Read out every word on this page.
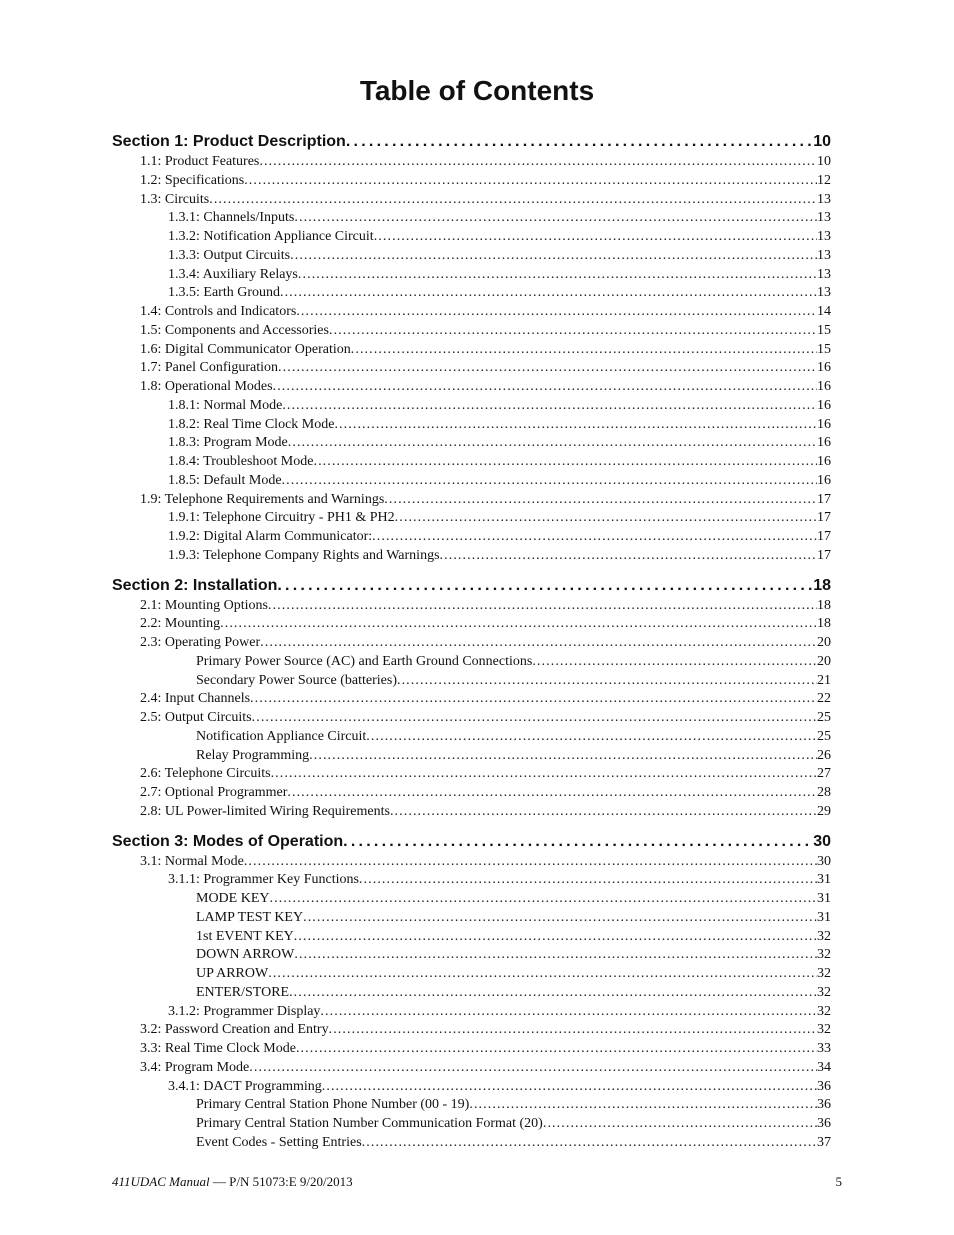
Table of Contents
Section 1: Product Description . . .	10
1.1: Product Features . . .	10
1.2: Specifications . . .	12
1.3: Circuits . . .	13
1.3.1: Channels/Inputs . . .	13
1.3.2: Notification Appliance Circuit . . .	13
1.3.3: Output Circuits . . .	13
1.3.4: Auxiliary Relays . . .	13
1.3.5: Earth Ground . . .	13
1.4: Controls and Indicators . . .	14
1.5: Components and Accessories . . .	15
1.6: Digital Communicator Operation . . .	15
1.7: Panel Configuration . . .	16
1.8: Operational Modes . . .	16
1.8.1: Normal Mode . . .	16
1.8.2: Real Time Clock Mode . . .	16
1.8.3: Program Mode . . .	16
1.8.4: Troubleshoot Mode . . .	16
1.8.5: Default Mode . . .	16
1.9: Telephone Requirements and Warnings . . .	17
1.9.1: Telephone Circuitry - PH1 & PH2 . . .	17
1.9.2: Digital Alarm Communicator: . . .	17
1.9.3: Telephone Company Rights and Warnings . . .	17
Section 2: Installation . . .	18
2.1: Mounting Options . . .	18
2.2: Mounting . . .	18
2.3: Operating Power . . .	20
Primary Power Source (AC) and Earth Ground Connections . . .	20
Secondary Power Source (batteries) . . .	21
2.4: Input Channels . . .	22
2.5: Output Circuits . . .	25
Notification Appliance Circuit . . .	25
Relay Programming . . .	26
2.6: Telephone Circuits . . .	27
2.7: Optional Programmer . . .	28
2.8: UL Power-limited Wiring Requirements . . .	29
Section 3: Modes of Operation . . .	30
3.1: Normal Mode . . .	30
3.1.1: Programmer Key Functions . . .	31
MODE KEY . . .	31
LAMP TEST KEY . . .	31
1st EVENT KEY . . .	32
DOWN ARROW . . .	32
UP ARROW . . .	32
ENTER/STORE . . .	32
3.1.2: Programmer Display . . .	32
3.2: Password Creation and Entry . . .	32
3.3: Real Time Clock Mode . . .	33
3.4: Program Mode . . .	34
3.4.1: DACT Programming . . .	36
Primary Central Station Phone Number (00 - 19) . . .	36
Primary Central Station Number Communication Format (20) . . .	36
Event Codes - Setting Entries . . .	37
411UDAC Manual — P/N 51073:E 9/20/2013	5
